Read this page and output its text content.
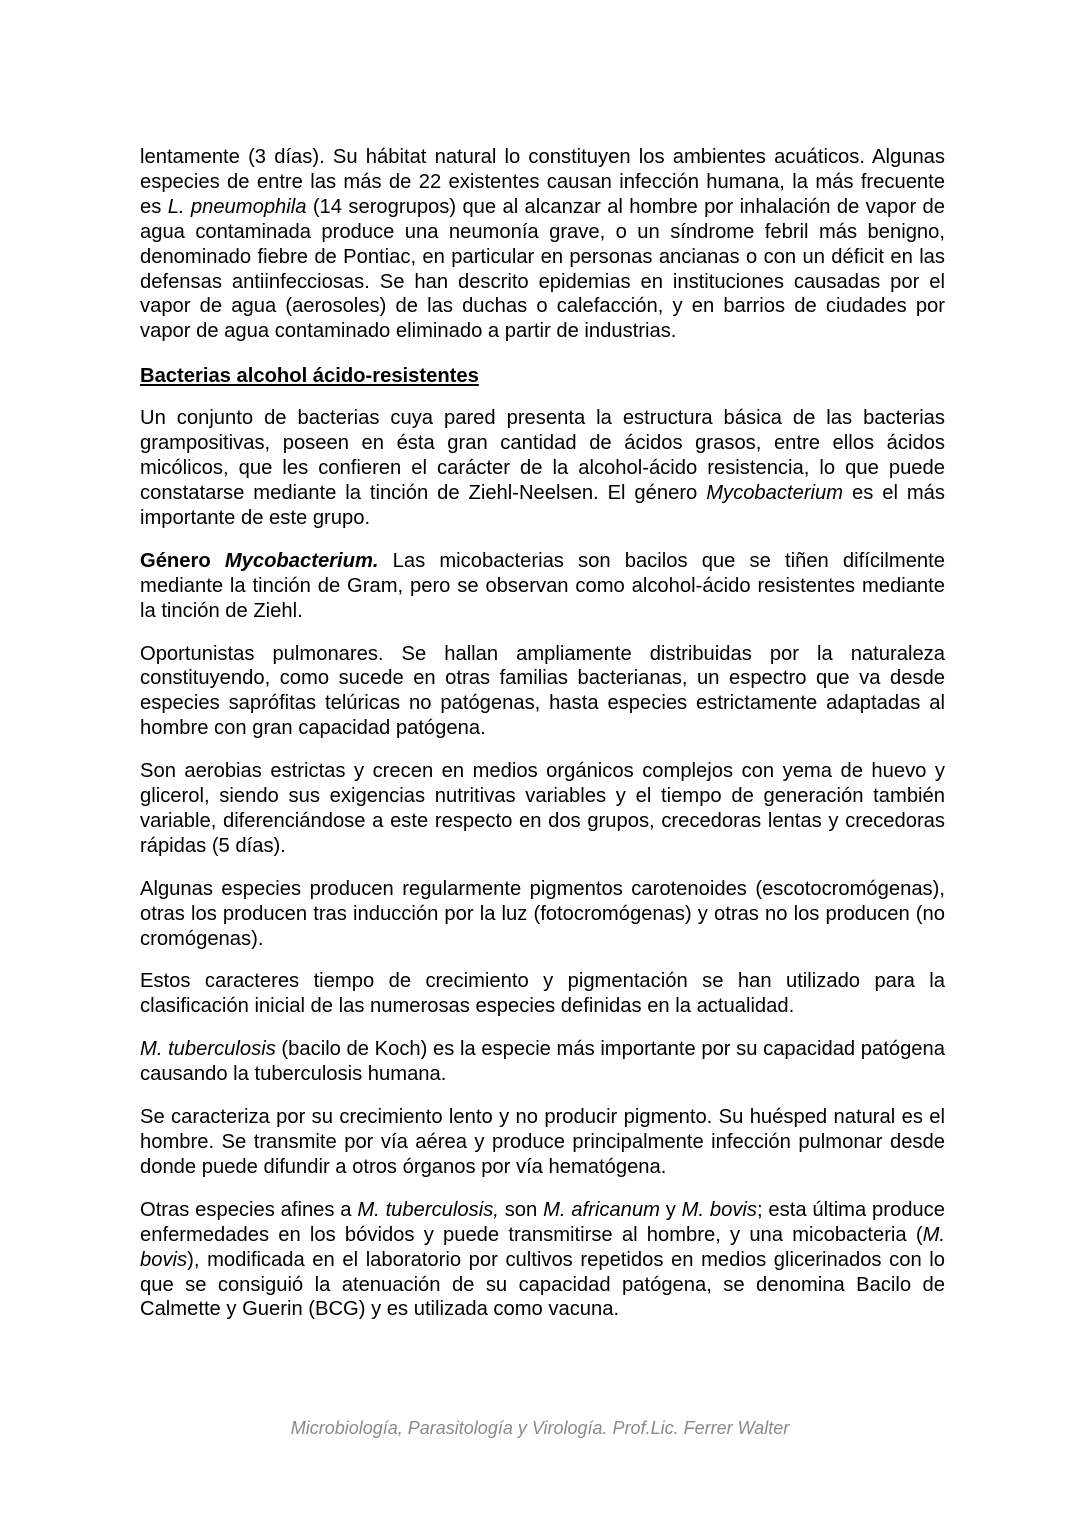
lentamente (3 días). Su hábitat natural lo constituyen los ambientes acuáticos. Algunas especies de entre las más de 22 existentes causan infección humana, la más frecuente es L. pneumophila (14 serogrupos) que al alcanzar al hombre por inhalación de vapor de agua contaminada produce una neumonía grave, o un síndrome febril más benigno, denominado fiebre de Pontiac, en particular en personas ancianas o con un déficit en las defensas antiinfecciosas. Se han descrito epidemias en instituciones causadas por el vapor de agua (aerosoles) de las duchas o calefacción, y en barrios de ciudades por vapor de agua contaminado eliminado a partir de industrias.

Bacterias alcohol ácido-resistentes

Un conjunto de bacterias cuya pared presenta la estructura básica de las bacterias grampositivas, poseen en ésta gran cantidad de ácidos grasos, entre ellos ácidos micólicos, que les confieren el carácter de la alcohol-ácido resistencia, lo que puede constatarse mediante la tinción de Ziehl-Neelsen. El género Mycobacterium es el más importante de este grupo.

Género Mycobacterium. Las micobacterias son bacilos que se tiñen difícilmente mediante la tinción de Gram, pero se observan como alcohol-ácido resistentes mediante la tinción de Ziehl.

Oportunistas pulmonares. Se hallan ampliamente distribuidas por la naturaleza constituyendo, como sucede en otras familias bacterianas, un espectro que va desde especies saprófitas telúricas no patógenas, hasta especies estrictamente adaptadas al hombre con gran capacidad patógena.

Son aerobias estrictas y crecen en medios orgánicos complejos con yema de huevo y glicerol, siendo sus exigencias nutritivas variables y el tiempo de generación también variable, diferenciándose a este respecto en dos grupos, crecedoras lentas y crecedoras rápidas (5 días).

Algunas especies producen regularmente pigmentos carotenoides (escotocromógenas), otras los producen tras inducción por la luz (fotocromógenas) y otras no los producen (no cromógenas).

Estos caracteres tiempo de crecimiento y pigmentación se han utilizado para la clasificación inicial de las numerosas especies definidas en la actualidad.

M. tuberculosis (bacilo de Koch) es la especie más importante por su capacidad patógena causando la tuberculosis humana.

Se caracteriza por su crecimiento lento y no producir pigmento. Su huésped natural es el hombre. Se transmite por vía aérea y produce principalmente infección pulmonar desde donde puede difundir a otros órganos por vía hematógena.

Otras especies afines a M. tuberculosis, son M. africanum y M. bovis; esta última produce enfermedades en los bóvidos y puede transmitirse al hombre, y una micobacteria (M. bovis), modificada en el laboratorio por cultivos repetidos en medios glicerinados con lo que se consiguió la atenuación de su capacidad patógena, se denomina Bacilo de Calmette y Guerin (BCG) y es utilizada como vacuna.

Microbiología, Parasitología y Virología. Prof.Lic. Ferrer Walter
